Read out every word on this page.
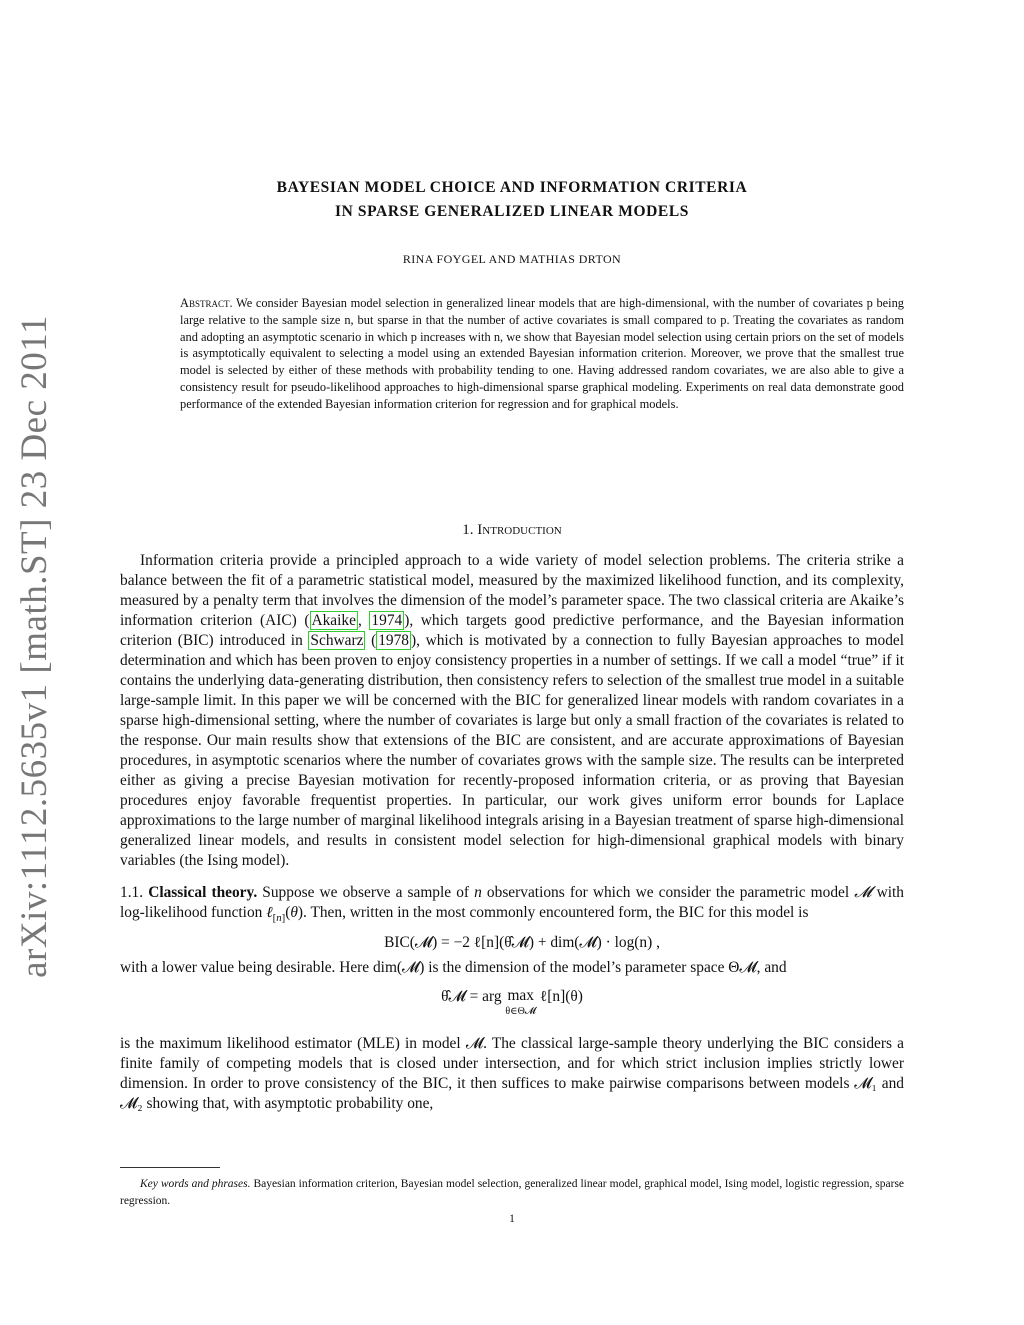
arXiv:1112.5635v1 [math.ST] 23 Dec 2011
BAYESIAN MODEL CHOICE AND INFORMATION CRITERIA
IN SPARSE GENERALIZED LINEAR MODELS

RINA FOYGEL AND MATHIAS DRTON

Abstract. We consider Bayesian model selection in generalized linear models that are high-dimensional, with the number of covariates p being large relative to the sample size n, but sparse in that the number of active covariates is small compared to p. Treating the covariates as random and adopting an asymptotic scenario in which p increases with n, we show that Bayesian model selection using certain priors on the set of models is asymptotically equivalent to selecting a model using an extended Bayesian information criterion. Moreover, we prove that the smallest true model is selected by either of these methods with probability tending to one. Having addressed random covariates, we are also able to give a consistency result for pseudo-likelihood approaches to high-dimensional sparse graphical modeling. Experiments on real data demonstrate good performance of the extended Bayesian information criterion for regression and for graphical models.

1. Introduction

Information criteria provide a principled approach to a wide variety of model selection problems. The criteria strike a balance between the fit of a parametric statistical model, measured by the maximized likelihood function, and its complexity, measured by a penalty term that involves the dimension of the model’s parameter space. The two classical criteria are Akaike’s information criterion (AIC) ( Akaike , 1974 ), which targets good predictive performance, and the Bayesian information criterion (BIC) introduced in Schwarz ( 1978 ), which is motivated by a connection to fully Bayesian approaches to model determination and which has been proven to enjoy consistency properties in a number of settings. If we call a model “true” if it contains the underlying data-generating distribution, then consistency refers to selection of the smallest true model in a suitable large-sample limit. In this paper we will be concerned with the BIC for generalized linear models with random covariates in a sparse high-dimensional setting, where the number of covariates is large but only a small fraction of the covariates is related to the response. Our main results show that extensions of the BIC are consistent, and are accurate approximations of Bayesian procedures, in asymptotic scenarios where the number of covariates grows with the sample size. The results can be interpreted either as giving a precise Bayesian motivation for recently-proposed information criteria, or as proving that Bayesian procedures enjoy favorable frequentist properties. In particular, our work gives uniform error bounds for Laplace approximations to the large number of marginal likelihood integrals arising in a Bayesian treatment of sparse high-dimensional generalized linear models, and results in consistent model selection for high-dimensional graphical models with binary variables (the Ising model).

1.1. Classical theory. Suppose we observe a sample of n observations for which we consider the parametric model 𝓜 with log-likelihood function ℓ$_{[n]}$(θ). Then, written in the most commonly encountered form, the BIC for this model is

BIC(𝓜) = −2 ℓ[n](θ̂𝓜) + dim(𝓜) · log(n) ,

with a lower value being desirable. Here dim(𝓜) is the dimension of the model’s parameter space Θ𝓜, and

θ̂𝓜 = arg max
θ∈Θ𝓜
ℓ[n](θ)

is the maximum likelihood estimator (MLE) in model 𝓜. The classical large-sample theory underlying the BIC considers a finite family of competing models that is closed under intersection, and for which strict inclusion implies strictly lower dimension. In order to prove consistency of the BIC, it then suffices to make pairwise comparisons between models 𝓜₁ and 𝓜₂ showing that, with asymptotic probability one,

Key words and phrases. Bayesian information criterion, Bayesian model selection, generalized linear model, graphical model, Ising model, logistic regression, sparse regression.

1
